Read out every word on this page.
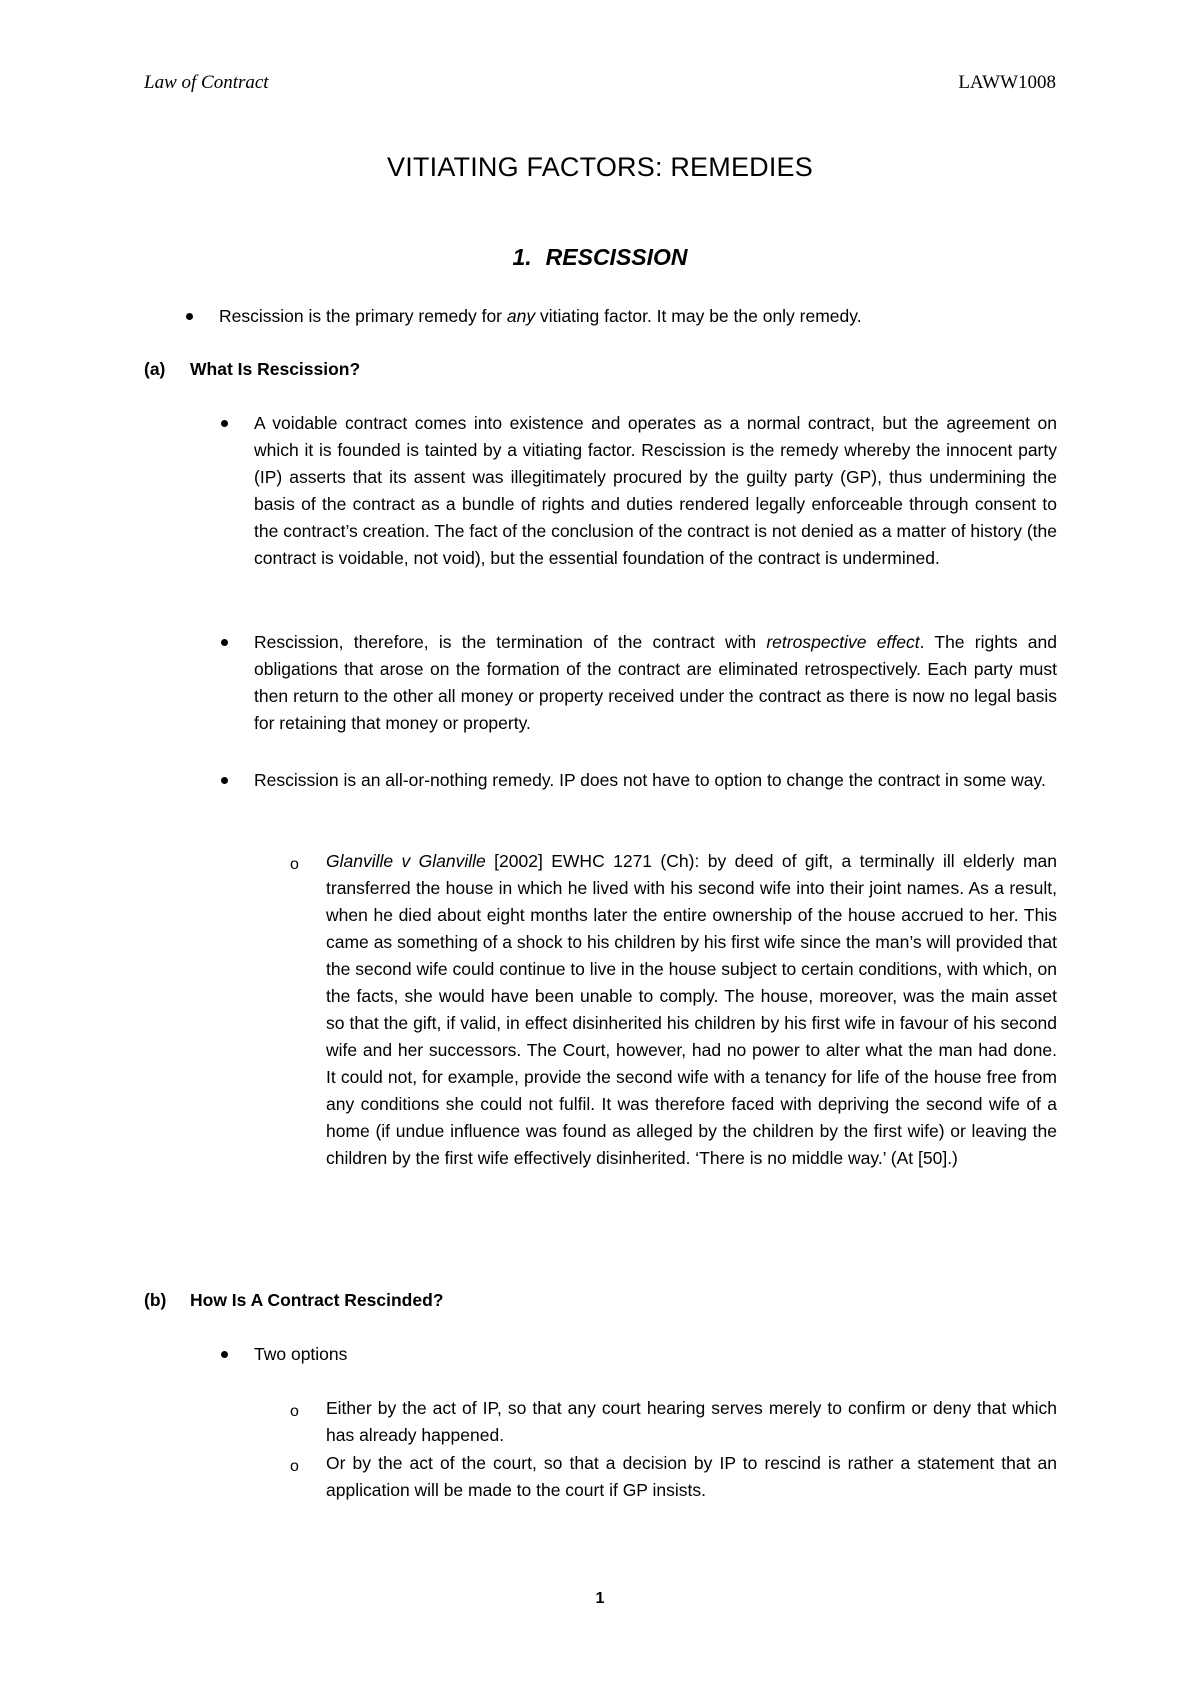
Law of Contract	LAWW1008
VITIATING FACTORS: REMEDIES
1. RESCISSION
Rescission is the primary remedy for any vitiating factor. It may be the only remedy.
(a) What Is Rescission?
A voidable contract comes into existence and operates as a normal contract, but the agreement on which it is founded is tainted by a vitiating factor. Rescission is the remedy whereby the innocent party (IP) asserts that its assent was illegitimately procured by the guilty party (GP), thus undermining the basis of the contract as a bundle of rights and duties rendered legally enforceable through consent to the contract’s creation. The fact of the conclusion of the contract is not denied as a matter of history (the contract is voidable, not void), but the essential foundation of the contract is undermined.
Rescission, therefore, is the termination of the contract with retrospective effect. The rights and obligations that arose on the formation of the contract are eliminated retrospectively. Each party must then return to the other all money or property received under the contract as there is now no legal basis for retaining that money or property.
Rescission is an all-or-nothing remedy. IP does not have to option to change the contract in some way.
o Glanville v Glanville [2002] EWHC 1271 (Ch): by deed of gift, a terminally ill elderly man transferred the house in which he lived with his second wife into their joint names. As a result, when he died about eight months later the entire ownership of the house accrued to her. This came as something of a shock to his children by his first wife since the man’s will provided that the second wife could continue to live in the house subject to certain conditions, with which, on the facts, she would have been unable to comply. The house, moreover, was the main asset so that the gift, if valid, in effect disinherited his children by his first wife in favour of his second wife and her successors. The Court, however, had no power to alter what the man had done. It could not, for example, provide the second wife with a tenancy for life of the house free from any conditions she could not fulfil. It was therefore faced with depriving the second wife of a home (if undue influence was found as alleged by the children by the first wife) or leaving the children by the first wife effectively disinherited. ‘There is no middle way.’ (At [50].)
(b) How Is A Contract Rescinded?
Two options
o Either by the act of IP, so that any court hearing serves merely to confirm or deny that which has already happened.
o Or by the act of the court, so that a decision by IP to rescind is rather a statement that an application will be made to the court if GP insists.
1
